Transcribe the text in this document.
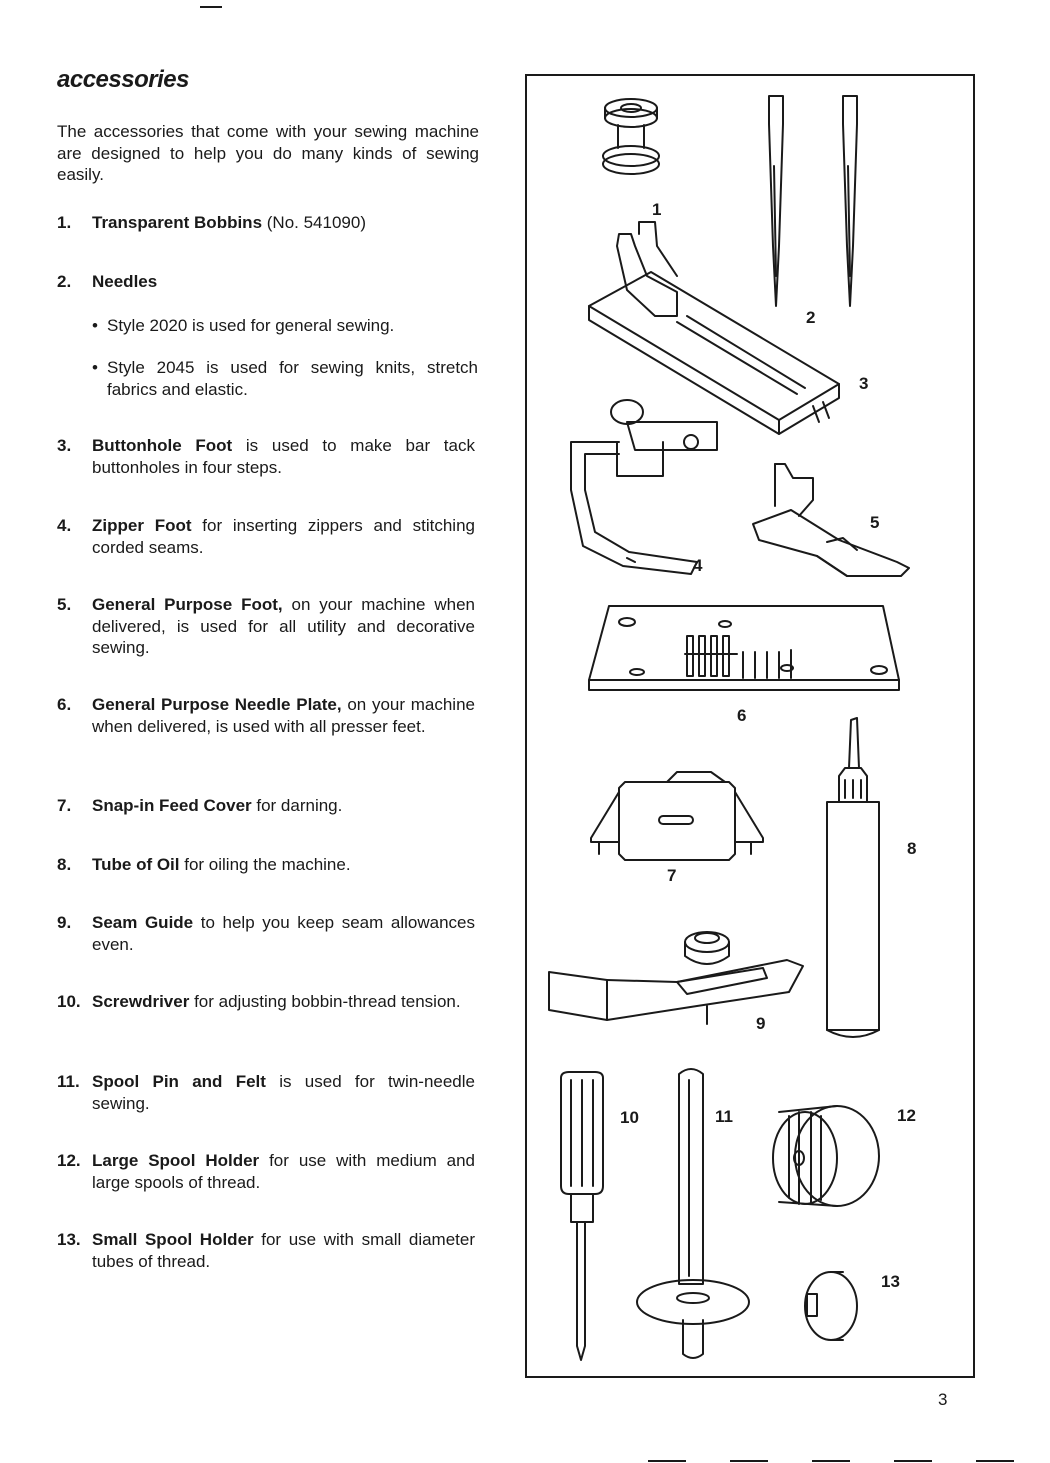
accessories
The accessories that come with your sewing machine are designed to help you do many kinds of sewing easily.
1. Transparent Bobbins (No. 541090)
2. Needles
• Style 2020 is used for general sewing.
• Style 2045 is used for sewing knits, stretch fabrics and elastic.
3. Buttonhole Foot is used to make bar tack buttonholes in four steps.
4. Zipper Foot for inserting zippers and stitching corded seams.
5. General Purpose Foot, on your machine when delivered, is used for all utility and decorative sewing.
6. General Purpose Needle Plate, on your machine when delivered, is used with all presser feet.
7. Snap-in Feed Cover for darning.
8. Tube of Oil for oiling the machine.
9. Seam Guide to help you keep seam allowances even.
10. Screwdriver for adjusting bobbin-thread tension.
11. Spool Pin and Felt is used for twin-needle sewing.
12. Large Spool Holder for use with medium and large spools of thread.
13. Small Spool Holder for use with small diameter tubes of thread.
1
2
3
4
5
6
7
8
9
10	11	12
13
3
